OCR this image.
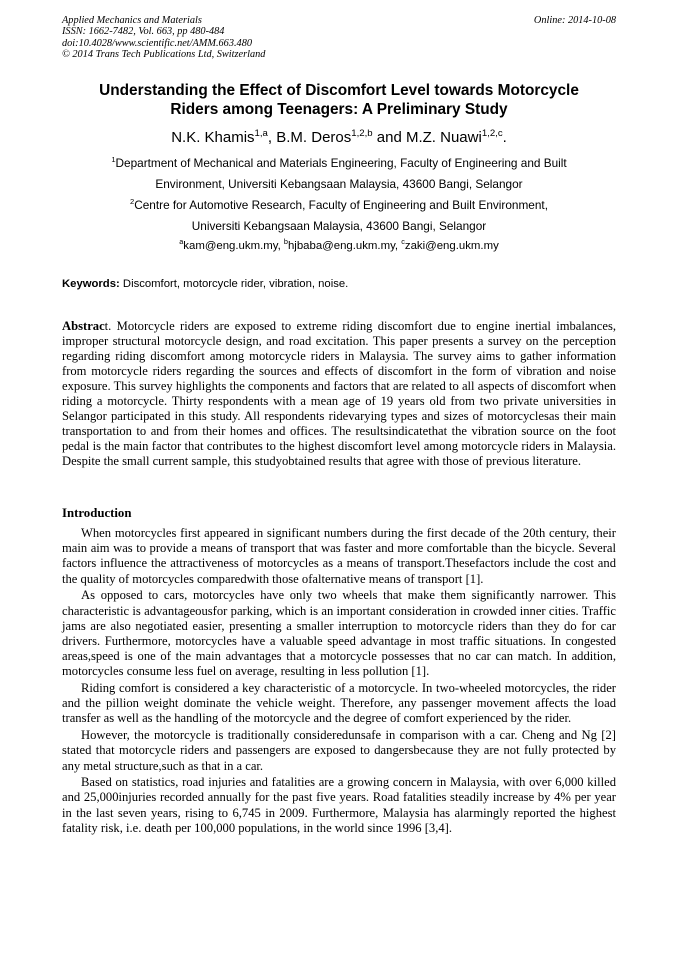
Applied Mechanics and Materials
ISSN: 1662-7482, Vol. 663, pp 480-484
doi:10.4028/www.scientific.net/AMM.663.480
© 2014 Trans Tech Publications Ltd, Switzerland
Online: 2014-10-08
Understanding the Effect of Discomfort Level towards Motorcycle
Riders among Teenagers: A Preliminary Study
N.K. Khamis$^{1,a}$, B.M. Deros$^{1,2,b}$ and M.Z. Nuawi$^{1,2,c}$.
$^1$Department of Mechanical and Materials Engineering, Faculty of Engineering and Built
Environment, Universiti Kebangsaan Malaysia, 43600 Bangi, Selangor
$^2$Centre for Automotive Research, Faculty of Engineering and Built Environment,
Universiti Kebangsaan Malaysia, 43600 Bangi, Selangor
$^a$kam@eng.ukm.my, $^b$hjbaba@eng.ukm.my, $^c$zaki@eng.ukm.my
Keywords: Discomfort, motorcycle rider, vibration, noise.
Abstract. Motorcycle riders are exposed to extreme riding discomfort due to engine inertial imbalances, improper structural motorcycle design, and road excitation. This paper presents a survey on the perception regarding riding discomfort among motorcycle riders in Malaysia. The survey aims to gather information from motorcycle riders regarding the sources and effects of discomfort in the form of vibration and noise exposure. This survey highlights the components and factors that are related to all aspects of discomfort when riding a motorcycle. Thirty respondents with a mean age of 19 years old from two private universities in Selangor participated in this study. All respondents ridevarying types and sizes of motorcyclesas their main transportation to and from their homes and offices. The resultsindicatethat the vibration source on the foot pedal is the main factor that contributes to the highest discomfort level among motorcycle riders in Malaysia. Despite the small current sample, this studyobtained results that agree with those of previous literature.
Introduction

When motorcycles first appeared in significant numbers during the first decade of the 20th century, their main aim was to provide a means of transport that was faster and more comfortable than the bicycle. Several factors influence the attractiveness of motorcycles as a means of transport.Thesefactors include the cost and the quality of motorcycles comparedwith those ofalternative means of transport [1].

As opposed to cars, motorcycles have only two wheels that make them significantly narrower. This characteristic is advantageousfor parking, which is an important consideration in crowded inner cities. Traffic jams are also negotiated easier, presenting a smaller interruption to motorcycle riders than they do for car drivers. Furthermore, motorcycles have a valuable speed advantage in most traffic situations. In congested areas,speed is one of the main advantages that a motorcycle possesses that no car can match. In addition, motorcycles consume less fuel on average, resulting in less pollution [1].

Riding comfort is considered a key characteristic of a motorcycle. In two-wheeled motorcycles, the rider and the pillion weight dominate the vehicle weight. Therefore, any passenger movement affects the load transfer as well as the handling of the motorcycle and the degree of comfort experienced by the rider.

However, the motorcycle is traditionally consideredunsafe in comparison with a car. Cheng and Ng [2] stated that motorcycle riders and passengers are exposed to dangersbecause they are not fully protected by any metal structure,such as that in a car.

Based on statistics, road injuries and fatalities are a growing concern in Malaysia, with over 6,000 killed and 25,000injuries recorded annually for the past five years. Road fatalities steadily increase by 4% per year in the last seven years, rising to 6,745 in 2009. Furthermore, Malaysia has alarmingly reported the highest fatality risk, i.e. death per 100,000 populations, in the world since 1996 [3,4].
